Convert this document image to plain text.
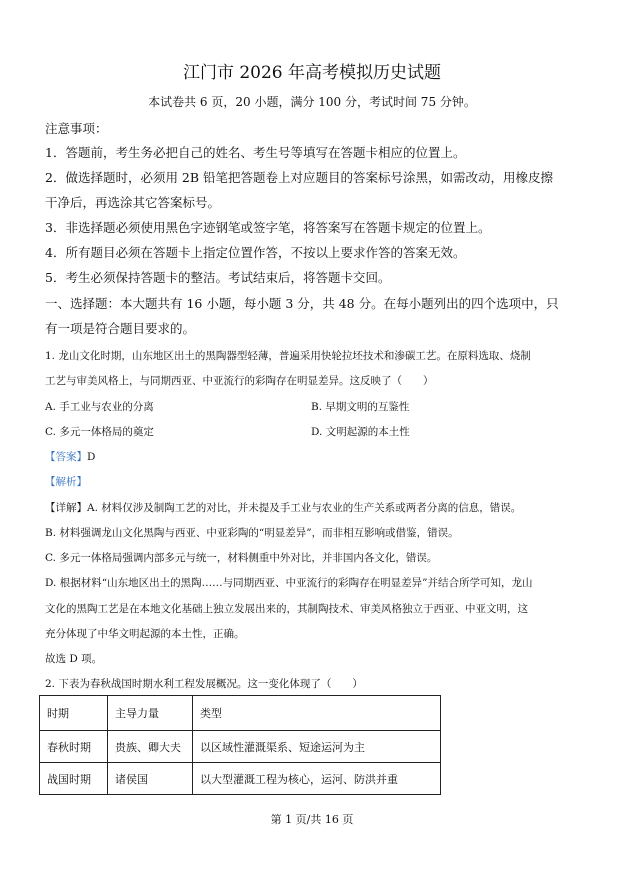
江门市 2026 年高考模拟历史试题
本试卷共 6 页，20 小题，满分 100 分，考试时间 75 分钟。
注意事项：
1．答题前，考生务必把自己的姓名、考生号等填写在答题卡相应的位置上。
2．做选择题时，必须用 2B 铅笔把答题卷上对应题目的答案标号涂黑，如需改动，用橡皮擦
干净后，再选涂其它答案标号。
3．非选择题必须使用黑色字迹钢笔或签字笔，将答案写在答题卡规定的位置上。
4．所有题目必须在答题卡上指定位置作答，不按以上要求作答的答案无效。
5．考生必须保持答题卡的整洁。考试结束后，将答题卡交回。
一、选择题：本大题共有 16 小题，每小题 3 分，共 48 分。在每小题列出的四个选项中，只
有一项是符合题目要求的。
1. 龙山文化时期，山东地区出土的黑陶器型轻薄，普遍采用快轮拉坯技术和渗碳工艺。在原料选取、烧制
工艺与审美风格上，与同期西亚、中亚流行的彩陶存在明显差异。这反映了（　　）
A. 手工业与农业的分离	B. 早期文明的互鉴性
C. 多元一体格局的奠定	D. 文明起源的本土性
【答案】D
【解析】
【详解】A. 材料仅涉及制陶工艺的对比，并未提及手工业与农业的生产关系或两者分离的信息，错误。
B. 材料强调龙山文化黑陶与西亚、中亚彩陶的“明显差异”，而非相互影响或借鉴，错误。
C. 多元一体格局强调内部多元与统一，材料侧重中外对比，并非国内各文化，错误。
D. 根据材料“山东地区出土的黑陶……与同期西亚、中亚流行的彩陶存在明显差异”并结合所学可知，龙山
文化的黑陶工艺是在本地文化基础上独立发展出来的，其制陶技术、审美风格独立于西亚、中亚文明，这
充分体现了中华文明起源的本土性，正确。
故选 D 项。
2. 下表为春秋战国时期水利工程发展概况。这一变化体现了（　　）
时期	主导力量	类型
春秋时期	贵族、卿大夫	以区域性灌溉渠系、短途运河为主
战国时期	诸侯国	以大型灌溉工程为核心，运河、防洪并重
第 1 页/共 16 页
